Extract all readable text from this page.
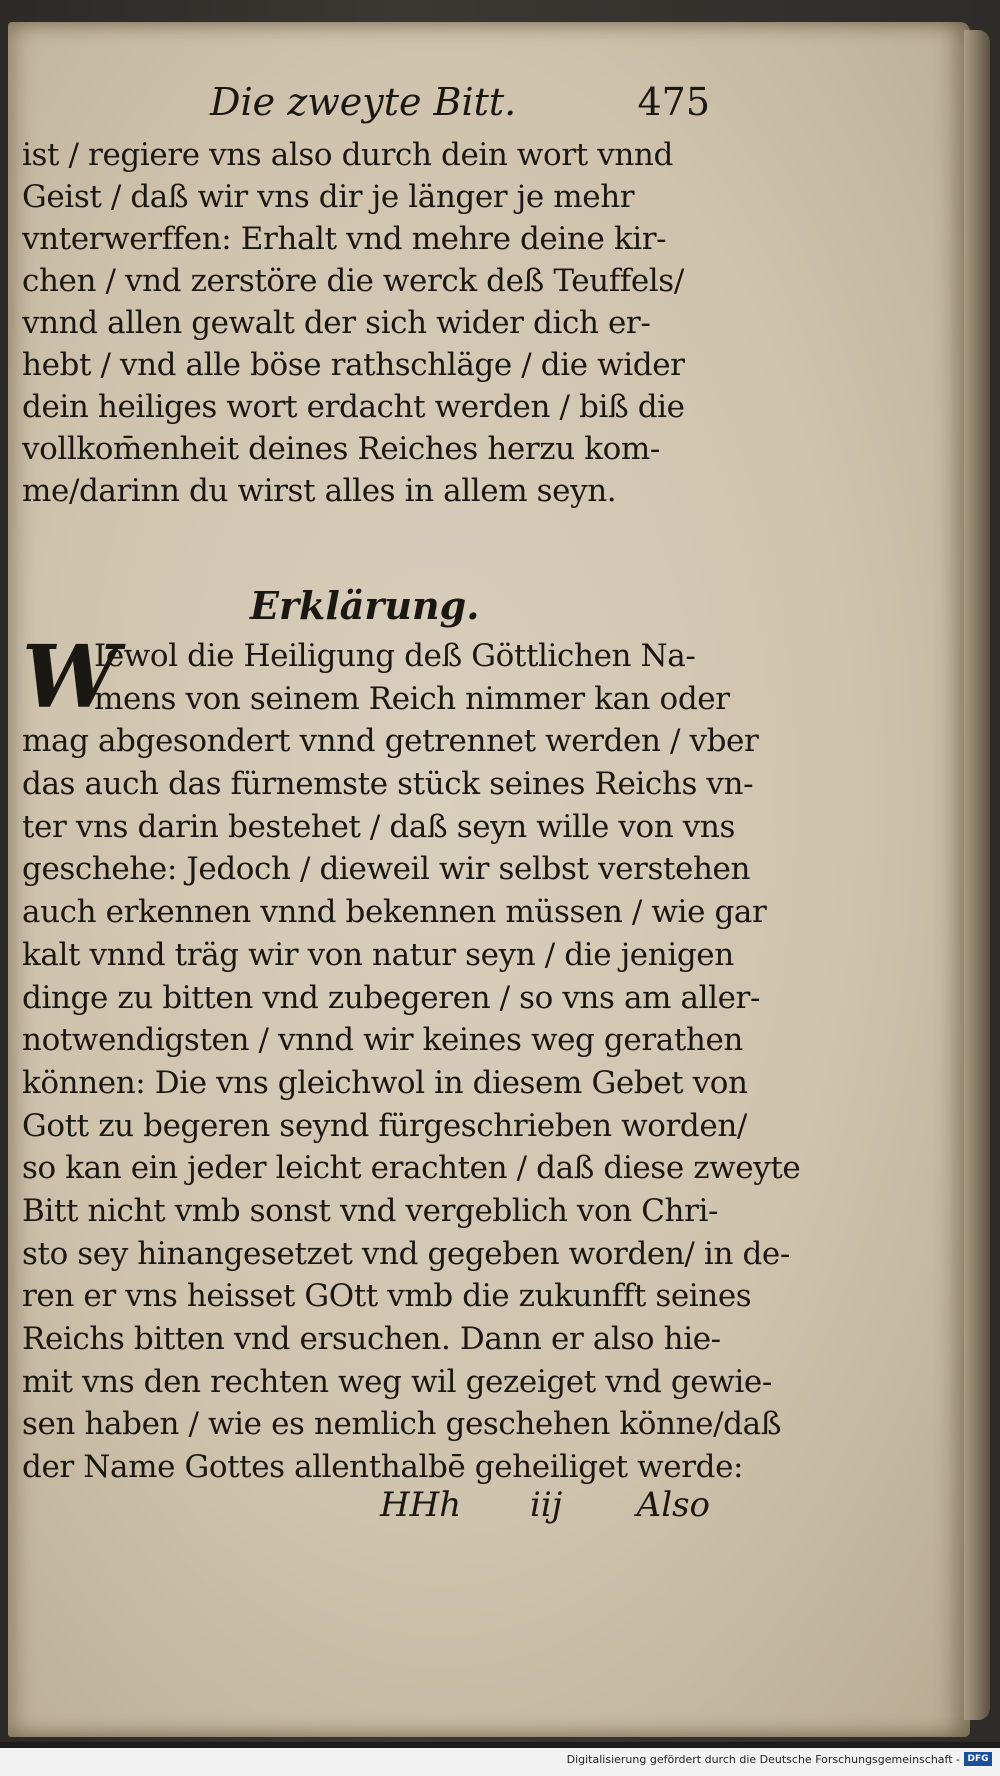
Die zweyte Bitt.	475
ist / regiere vns also durch dein wort vnnd
Geist / daß wir vns dir je länger je mehr
vnterwerffen: Erhalt vnd mehre deine kir-
chen / vnd zerstöre die werck deß Teuffels/
vnnd allen gewalt der sich wider dich er-
hebt / vnd alle böse rathschläge / die wider
dein heiliges wort erdacht werden / biß die
vollkom̄enheit deines Reiches herzu kom-
me/darinn du wirst alles in allem seyn.
Erklärung.
W
Iewol die Heiligung deß Göttlichen Na-
mens von seinem Reich nimmer kan oder
mag abgesondert vnnd getrennet werden / vber
das auch das fürnemste stück seines Reichs vn-
ter vns darin bestehet / daß seyn wille von vns
geschehe: Jedoch / dieweil wir selbst verstehen
auch erkennen vnnd bekennen müssen / wie gar
kalt vnnd träg wir von natur seyn / die jenigen
dinge zu bitten vnd zubegeren / so vns am aller-
notwendigsten / vnnd wir keines weg gerathen
können: Die vns gleichwol in diesem Gebet von
Gott zu begeren seynd fürgeschrieben worden/
so kan ein jeder leicht erachten / daß diese zweyte
Bitt nicht vmb sonst vnd vergeblich von Chri-
sto sey hinangesetzet vnd gegeben worden/ in de-
ren er vns heisset GOtt vmb die zukunfft seines
Reichs bitten vnd ersuchen. Dann er also hie-
mit vns den rechten weg wil gezeiget vnd gewie-
sen haben / wie es nemlich geschehen könne/daß
der Name Gottes allenthalbē geheiliget werde:
HHh iij Also
Digitalisierung gefördert durch die Deutsche Forschungsgemeinschaft - DFG
